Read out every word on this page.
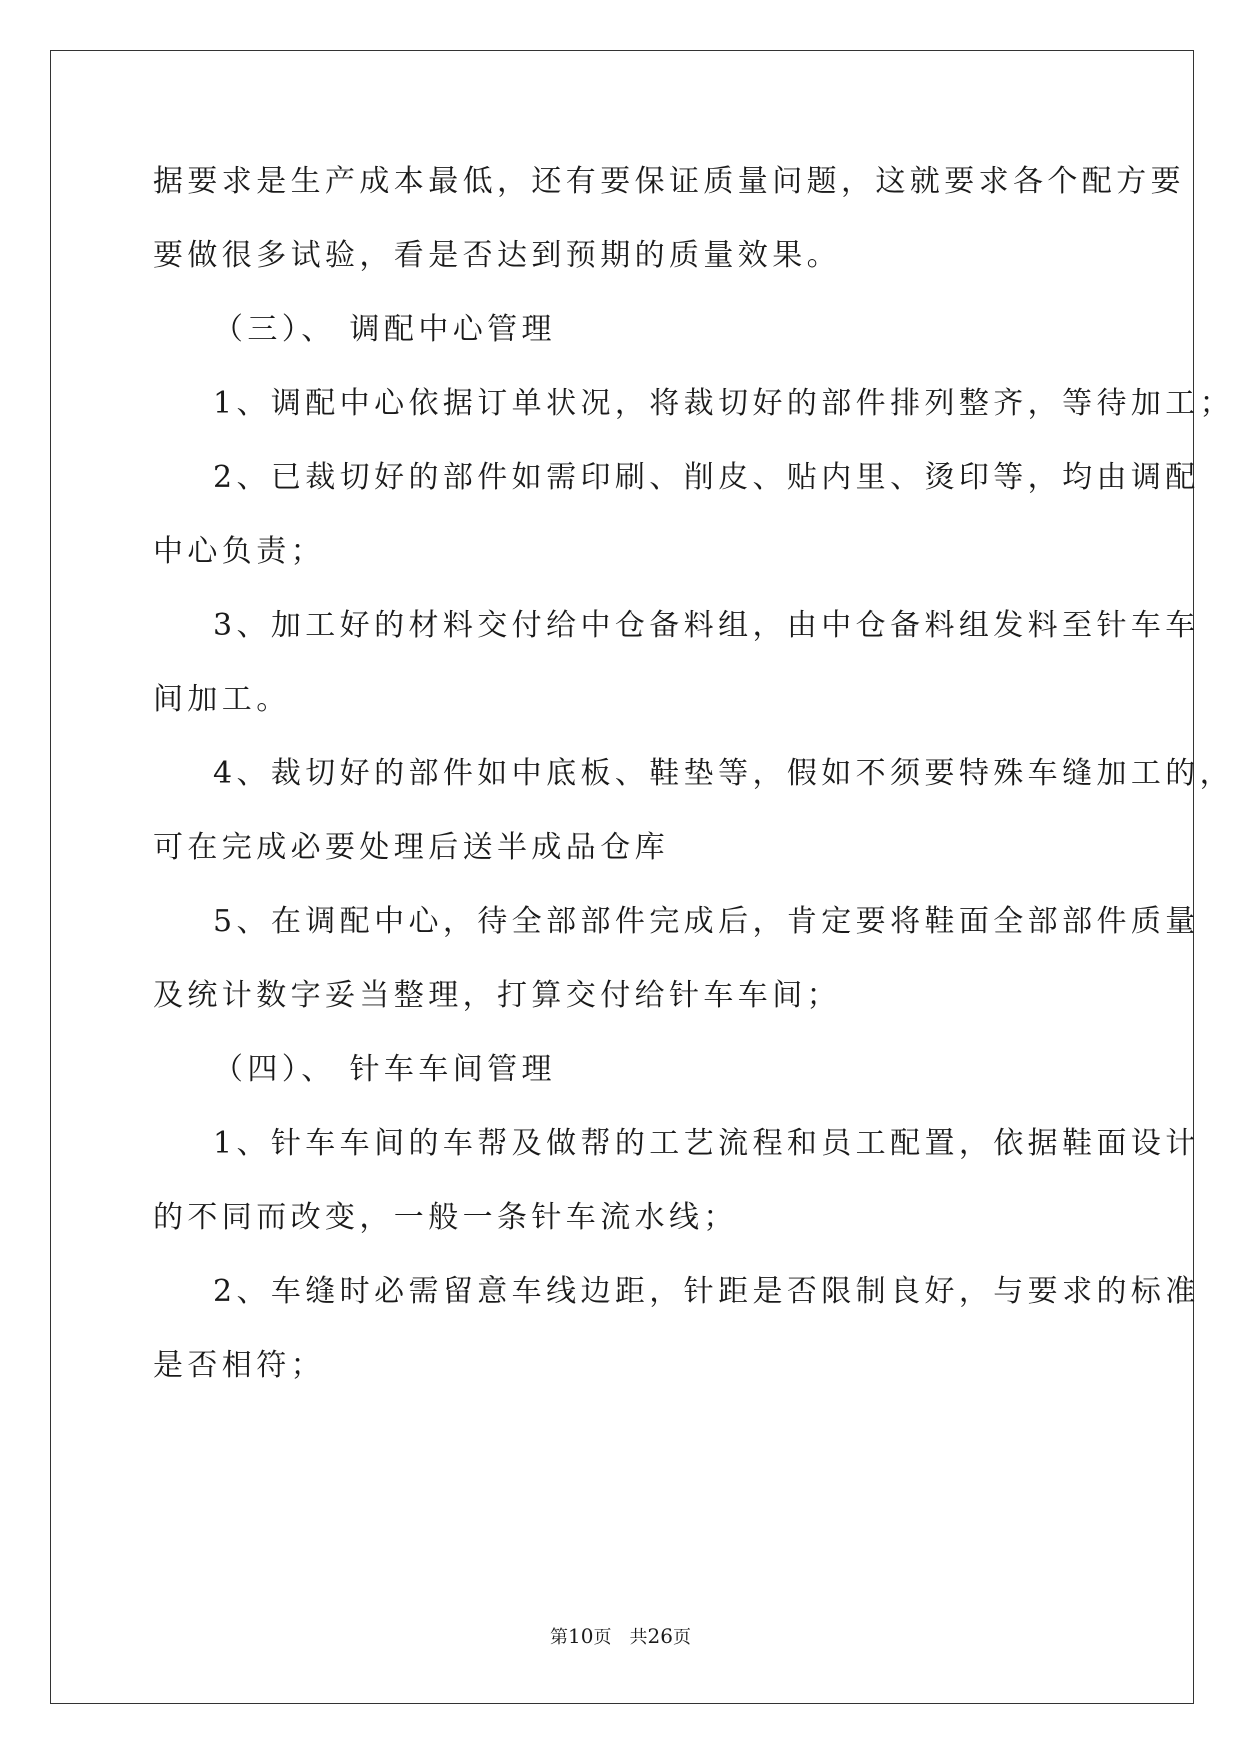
据要求是生产成本最低，还有要保证质量问题，这就要求各个配方要
要做很多试验，看是否达到预期的质量效果。
（三）、 调配中心管理
1、调配中心依据订单状况，将裁切好的部件排列整齐，等待加工；
2、已裁切好的部件如需印刷、削皮、贴内里、烫印等，均由调配
中心负责；
3、加工好的材料交付给中仓备料组，由中仓备料组发料至针车车
间加工。
4、裁切好的部件如中底板、鞋垫等，假如不须要特殊车缝加工的，
可在完成必要处理后送半成品仓库
5、在调配中心，待全部部件完成后，肯定要将鞋面全部部件质量
及统计数字妥当整理，打算交付给针车车间；
（四）、 针车车间管理
1、针车车间的车帮及做帮的工艺流程和员工配置，依据鞋面设计
的不同而改变，一般一条针车流水线；
2、车缝时必需留意车线边距，针距是否限制良好，与要求的标准
是否相符；
第10页 共26页
